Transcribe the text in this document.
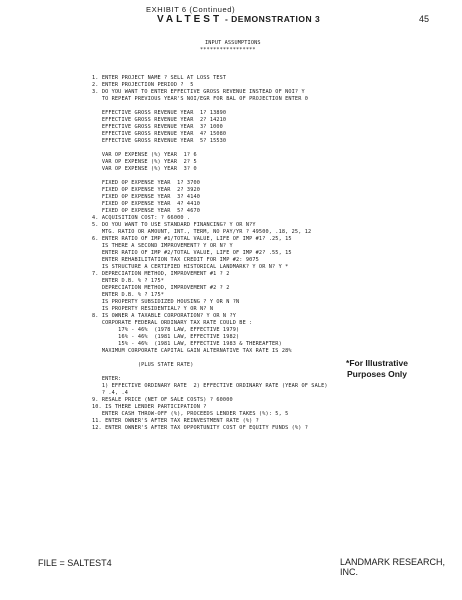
EXHIBIT 6 (Continued)
VALTEST - DEMONSTRATION 3	45
INPUT ASSUMPTIONS
*****************
1. ENTER PROJECT NAME ? SELL AT LOSS TEST
2. ENTER PROJECTION PERIOD ?  5
3. DO YOU WANT TO ENTER EFFECTIVE GROSS REVENUE INSTEAD OF NOI? Y
TO REPEAT PREVIOUS YEAR'S NOI/EGR FOR BAL OF PROJECTION ENTER 0
EFFECTIVE GROSS REVENUE YEAR  1? 13890
EFFECTIVE GROSS REVENUE YEAR  2? 14210
EFFECTIVE GROSS REVENUE YEAR  3? 1000
EFFECTIVE GROSS REVENUE YEAR  4? 15080
EFFECTIVE GROSS REVENUE YEAR  5? 15530
VAR OP EXPENSE (%) YEAR  1? 6
VAR OP EXPENSE (%) YEAR  2? 5
VAR OP EXPENSE (%) YEAR  3? 0
FIXED OP EXPENSE YEAR  1? 3700
FIXED OP EXPENSE YEAR  2? 3920
FIXED OP EXPENSE YEAR  3? 4140
FIXED OP EXPENSE YEAR  4? 4410
FIXED OP EXPENSE YEAR  5? 4670
4. ACQUISITION COST: ? 66000 .
5. DO YOU WANT TO USE STANDARD FINANCING? Y OR N?Y
MTG. RATIO OR AMOUNT, INT., TERM, NO PAY/YR ? 49500, .18, 25, 12
6. ENTER RATIO OF IMP #1/TOTAL VALUE, LIFE OF IMP #1? .25, 15
IS THERE A SECOND IMPROVEMENT? Y OR N? Y
ENTER RATIO OF IMP #2/TOTAL VALUE, LIFE OF IMP #2? .55, 15
ENTER REHABILITATION TAX CREDIT FOR IMP #2: 9075
IS STRUCTURE A CERTIFIED HISTORICAL LANDMARK? Y OR N? Y *
7. DEPRECIATION METHOD, IMPROVEMENT #1 ? 2
ENTER D.B. % ? 175*
DEPRECIATION METHOD, IMPROVEMENT #2 ? 2
ENTER D.B. % ? 175*
IS PROPERTY SUBSIDIZED HOUSING ? Y OR N ?N
IS PROPERTY RESIDENTIAL? Y OR N? N
8. IS OWNER A TAXABLE CORPORATION? Y OR N ?Y
CORPORATE FEDERAL ORDINARY TAX RATE COULD BE :
17% - 46%  (1978 LAW, EFFECTIVE 1979)
16% - 46%  (1981 LAW, EFFECTIVE 1982)
15% - 46%  (1981 LAW, EFFECTIVE 1983 & THEREAFTER)
MAXIMUM CORPORATE CAPITAL GAIN ALTERNATIVE TAX RATE IS 28%
(PLUS STATE RATE)
ENTER:
1) EFFECTIVE ORDINARY RATE  2) EFFECTIVE ORDINARY RATE (YEAR OF SALE)
? .4, .4
9. RESALE PRICE (NET OF SALE COSTS) ? 60000
10. IS THERE LENDER PARTICIPATION ?
ENTER CASH THROW-OFF (%), PROCEEDS LENDER TAKES (%): 5, 5
11. ENTER OWNER'S AFTER TAX REINVESTMENT RATE (%) ?
12. ENTER OWNER'S AFTER TAX OPPORTUNITY COST OF EQUITY FUNDS (%) ?
*For Illustrative
Purposes Only
FILE = SALTEST4	LANDMARK RESEARCH, INC.
